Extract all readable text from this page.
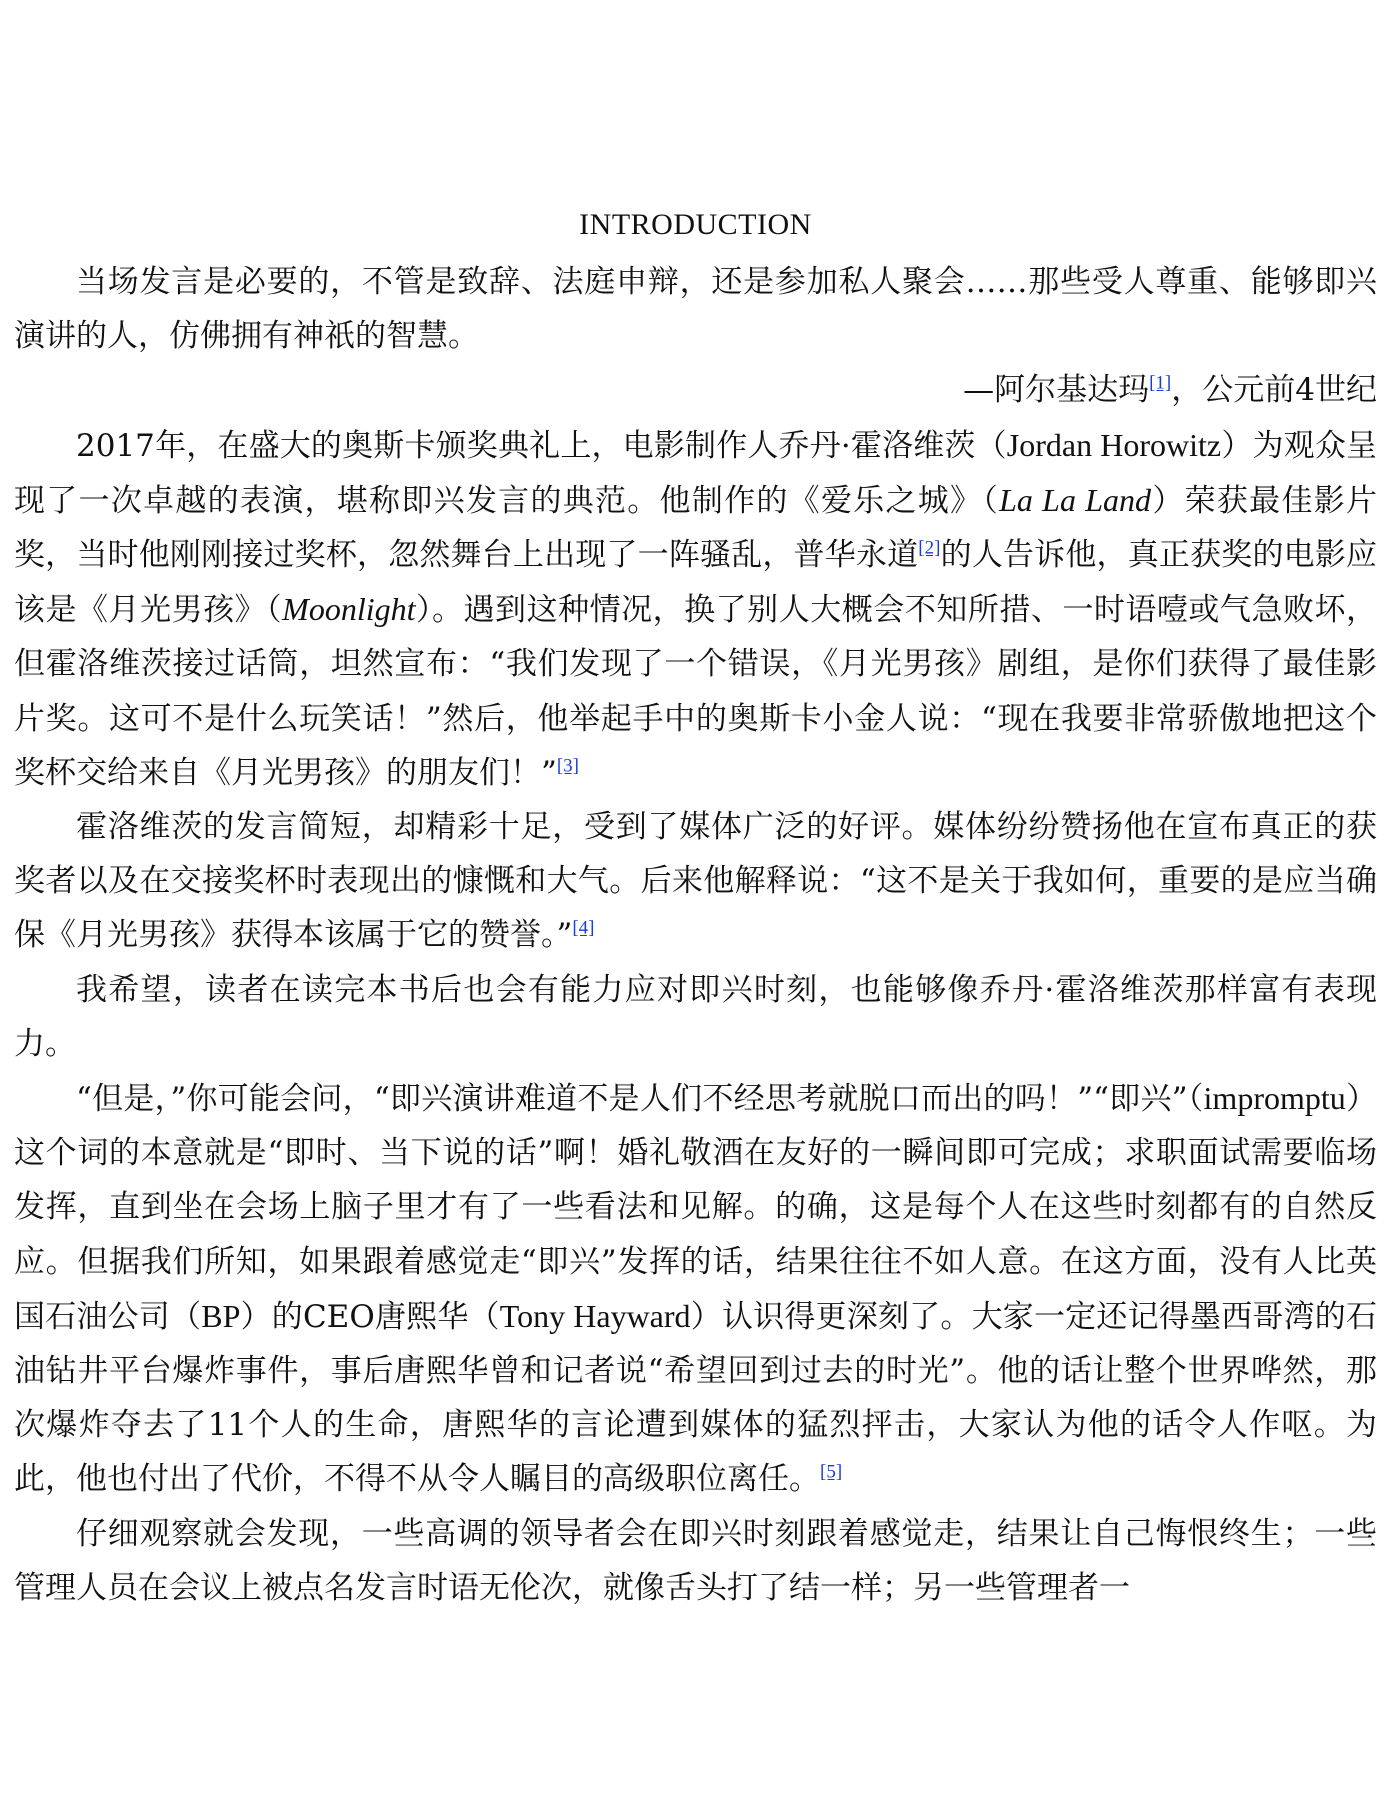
INTRODUCTION

当场发言是必要的，不管是致辞、法庭申辩，还是参加私人聚会……那些受人尊重、能够即兴演讲的人，仿佛拥有神祇的智慧。

—阿尔基达玛[1]，公元前4世纪

2017年，在盛大的奥斯卡颁奖典礼上，电影制作人乔丹·霍洛维茨（Jordan Horowitz）为观众呈现了一次卓越的表演，堪称即兴发言的典范。他制作的《爱乐之城》（La La Land）荣获最佳影片奖，当时他刚刚接过奖杯，忽然舞台上出现了一阵骚乱，普华永道[2]的人告诉他，真正获奖的电影应该是《月光男孩》（Moonlight）。遇到这种情况，换了别人大概会不知所措、一时语噎或气急败坏，但霍洛维茨接过话筒，坦然宣布：“我们发现了一个错误，《月光男孩》剧组，是你们获得了最佳影片奖。这可不是什么玩笑话！”然后，他举起手中的奥斯卡小金人说：“现在我要非常骄傲地把这个奖杯交给来自《月光男孩》的朋友们！”[3]

霍洛维茨的发言简短，却精彩十足，受到了媒体广泛的好评。媒体纷纷赞扬他在宣布真正的获奖者以及在交接奖杯时表现出的慷慨和大气。后来他解释说：“这不是关于我如何，重要的是应当确保《月光男孩》获得本该属于它的赞誉。”[4]

我希望，读者在读完本书后也会有能力应对即兴时刻，也能够像乔丹·霍洛维茨那样富有表现力。

“但是，”你可能会问，“即兴演讲难道不是人们不经思考就脱口而出的吗！”“即兴”（impromptu）这个词的本意就是“即时、当下说的话”啊！婚礼敬酒在友好的一瞬间即可完成；求职面试需要临场发挥，直到坐在会场上脑子里才有了一些看法和见解。的确，这是每个人在这些时刻都有的自然反应。但据我们所知，如果跟着感觉走“即兴”发挥的话，结果往往不如人意。在这方面，没有人比英国石油公司（BP）的CEO唐熙华（Tony Hayward）认识得更深刻了。大家一定还记得墨西哥湾的石油钻井平台爆炸事件，事后唐熙华曾和记者说“希望回到过去的时光”。他的话让整个世界哗然，那次爆炸夺去了11个人的生命，唐熙华的言论遭到媒体的猛烈抨击，大家认为他的话令人作呕。为此，他也付出了代价，不得不从令人瞩目的高级职位离任。[5]

仔细观察就会发现，一些高调的领导者会在即兴时刻跟着感觉走，结果让自己悔恨终生；一些管理人员在会议上被点名发言时语无伦次，就像舌头打了结一样；另一些管理者一
